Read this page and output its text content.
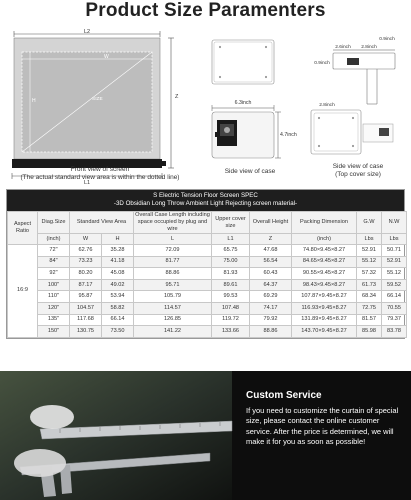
Product Size Paramenters
L2
W
H	SIZE	Z
L1
Front view of screen
(The actual standard view area is within the dotted line)
6.3inch
4.7inch
Side view of case
0.9inch
2.6inch 2.8inch
0.9inch
2.8inch
Side view of case
(Top cover size)
S Electric Tension Floor Screen SPEC
-3D Obsidian Long Throw Ambient Light Rejecting screen material-
Aspect Ratio	Diag.Size	Standard View Area		Overall Case Length including space occupied by plug and wire	Upper cover size	Overall Height	Packing Dimension	G.W	N.W
	(inch)	W	H	L	L1	Z	(inch)	Lbs	Lbs
16:9	72"	62.76	35.28	72.09	65.75	47.68	74.80×9.45×8.27	52.91	50.71
	84"	73.23	41.18	81.77	75.00	56.54	84.65×9.45×8.27	55.12	52.91
	92"	80.20	45.08	88.86	81.93	60.43	90.55×9.45×8.27	57.32	55.12
	100"	87.17	49.02	95.71	89.61	64.37	98.43×9.45×8.27	61.73	59.52
	110"	95.87	53.94	105.79	99.53	69.29	107.87×9.45×8.27	68.34	66.14
	120"	104.57	58.82	114.57	107.48	74.17	116.93×9.45×8.27	72.75	70.55
	135"	117.68	66.14	126.85	119.72	79.92	131.89×9.45×8.27	81.57	79.37
	150"	130.75	73.50	141.22	133.66	88.86	143.70×9.45×8.27	85.98	83.78
Custom Service
If you need to customize the curtain of special size, please contact the online customer service. After the price is determined, we will make it for you as soon as possible!
